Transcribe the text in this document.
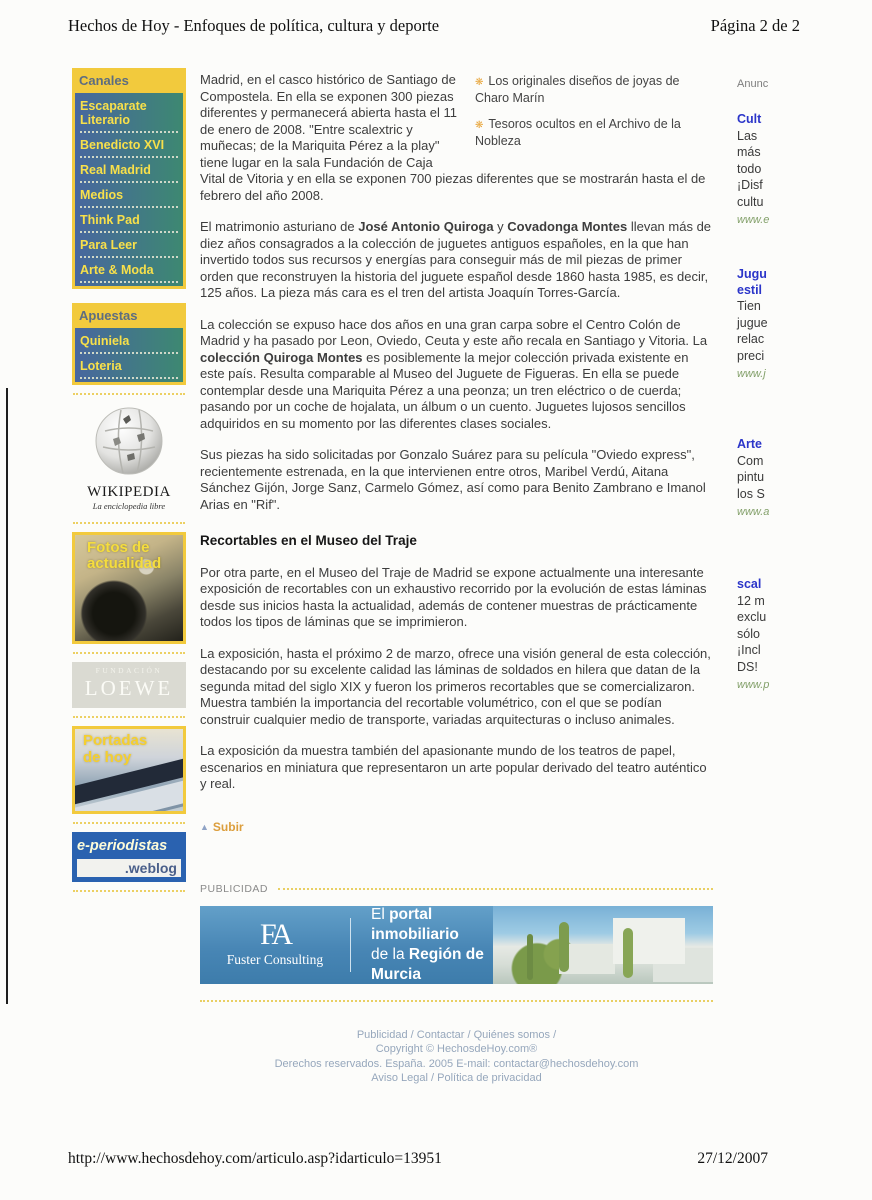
Hechos de Hoy - Enfoques de política, cultura y deporte	Página 2 de 2
Canales
Escaparate Literario
Benedicto XVI
Real Madrid
Medios
Think Pad
Para Leer
Arte & Moda
Apuestas
Quiniela
Loteria
WIKIPEDIA
La enciclopedia libre
Fotos de actualidad
FUNDACIÓN
LOEWE
Portadas de hoy
e-periodistas
.weblog
❋ Los originales diseños de joyas de Charo Marín
❋ Tesoros ocultos en el Archivo de la Nobleza

Madrid, en el casco histórico de Santiago de Compostela. En ella se exponen 300 piezas diferentes y permanecerá abierta hasta el 11 de enero de 2008. "Entre scalextric y muñecas; de la Mariquita Pérez a la play" tiene lugar en la sala Fundación de Caja Vital de Vitoria y en ella se exponen 700 piezas diferentes que se mostrarán hasta el de febrero del año 2008.

El matrimonio asturiano de José Antonio Quiroga y Covadonga Montes llevan más de diez años consagrados a la colección de juguetes antiguos españoles, en la que han invertido todos sus recursos y energías para conseguir más de mil piezas de primer orden que reconstruyen la historia del juguete español desde 1860 hasta 1985, es decir, 125 años. La pieza más cara es el tren del artista Joaquín Torres-García.

La colección se expuso hace dos años en una gran carpa sobre el Centro Colón de Madrid y ha pasado por Leon, Oviedo, Ceuta y este año recala en Santiago y Vitoria. La colección Quiroga Montes es posiblemente la mejor colección privada existente en este país. Resulta comparable al Museo del Juguete de Figueras. En ella se puede contemplar desde una Mariquita Pérez a una peonza; un tren eléctrico o de cuerda; pasando por un coche de hojalata, un álbum o un cuento. Juguetes lujosos sencillos adquiridos en su momento por las diferentes clases sociales.

Sus piezas ha sido solicitadas por Gonzalo Suárez para su película "Oviedo express", recientemente estrenada, en la que intervienen entre otros, Maribel Verdú, Aitana Sánchez Gijón, Jorge Sanz, Carmelo Gómez, así como para Benito Zambrano e Imanol Arias en "Rif".

Recortables en el Museo del Traje

Por otra parte, en el Museo del Traje de Madrid se expone actualmente una interesante exposición de recortables con un exhaustivo recorrido por la evolución de estas láminas desde sus inicios hasta la actualidad, además de contener muestras de prácticamente todos los tipos de láminas que se imprimieron.

La exposición, hasta el próximo 2 de marzo, ofrece una visión general de esta colección, destacando por su excelente calidad las láminas de soldados en hilera que datan de la segunda mitad del siglo XIX y fueron los primeros recortables que se comercializaron. Muestra también la importancia del recortable volumétrico, con el que se podían construir cualquier medio de transporte, variadas arquitecturas o incluso animales.

La exposición da muestra también del apasionante mundo de los teatros de papel, escenarios en miniatura que representaron un arte popular derivado del teatro auténtico y real.

▲ Subir
PUBLICIDAD
FA
Fuster Consulting
El portal inmobiliario
de la Región de Murcia
Publicidad / Contactar / Quiénes somos /
Copyright © HechosdeHoy.com®
Derechos reservados. España. 2005 E-mail: contactar@hechosdehoy.com
Aviso Legal / Política de privacidad
Anunc
Cult
Las
más
todo
¡Disf
cultu
www.e
Jugu
estil
Tien
jugue
relac
preci
www.j
Arte
Com
pintu
los S
www.a
scal
12 m
exclu
sólo
¡Incl
DS!
www.p
http://www.hechosdehoy.com/articulo.asp?idarticulo=13951	27/12/2007
